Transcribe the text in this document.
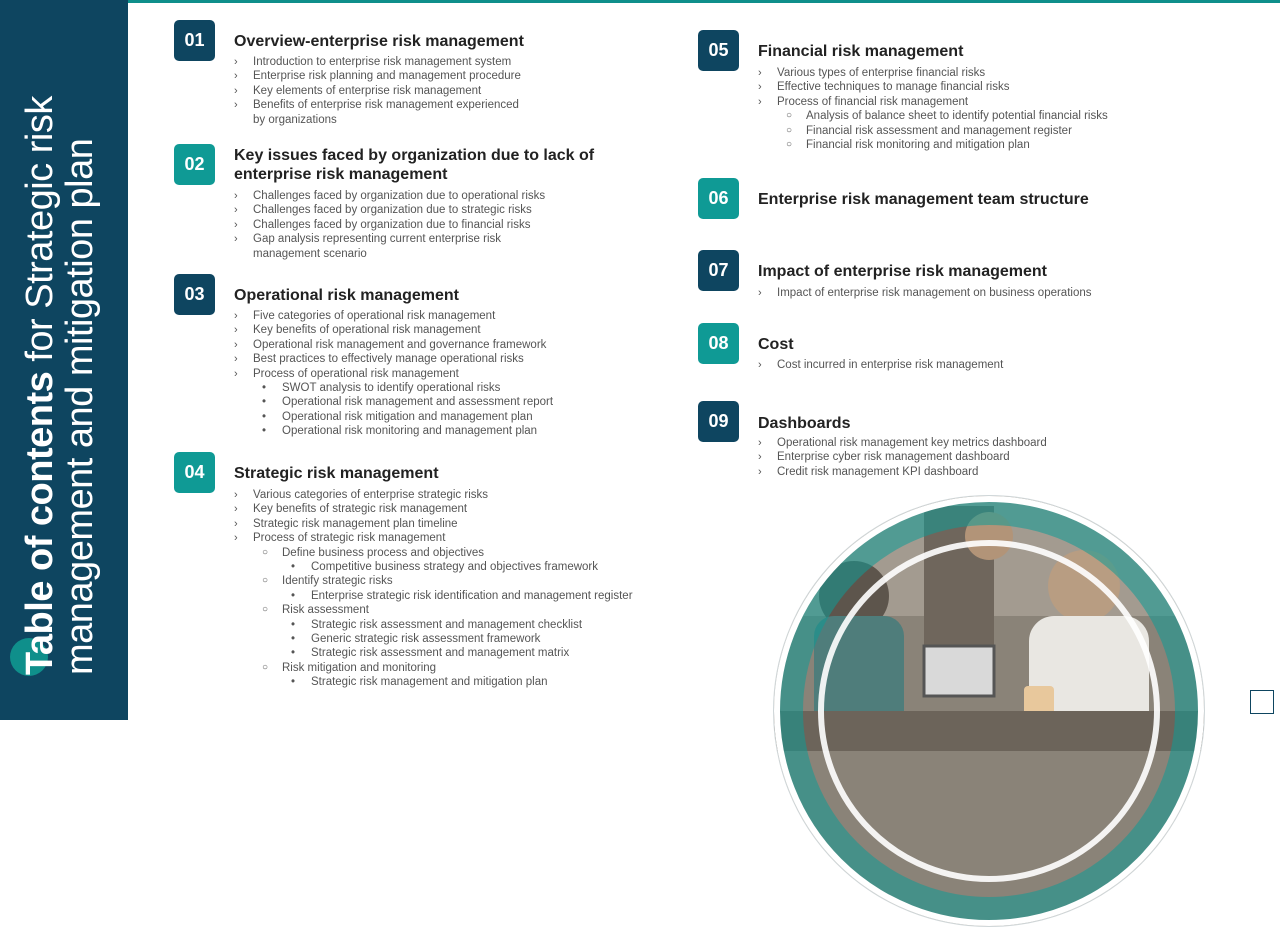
Table of contents for Strategic risk management and mitigation plan
01	Overview-enterprise risk management
› Introduction to enterprise risk management system
› Enterprise risk planning and management procedure
› Key elements of enterprise risk management
› Benefits of enterprise risk management experienced
by organizations
02	Key issues faced by organization due to lack of
enterprise risk management
› Challenges faced by organization due to operational risks
› Challenges faced by organization due to strategic risks
› Challenges faced by organization due to financial risks
› Gap analysis representing current enterprise risk
management scenario
03	Operational risk management
› Five categories of operational risk management
› Key benefits of operational risk management
› Operational risk management and governance framework
› Best practices to effectively manage operational risks
› Process of operational risk management
• SWOT analysis to identify operational risks
• Operational risk management and assessment report
• Operational risk mitigation and management plan
• Operational risk monitoring and management plan
04	Strategic risk management
› Various categories of enterprise strategic risks
› Key benefits of strategic risk management
› Strategic risk management plan timeline
› Process of strategic risk management
○ Define business process and objectives
• Competitive business strategy and objectives framework
○ Identify strategic risks
• Enterprise strategic risk identification and management register
○ Risk assessment
• Strategic risk assessment and management checklist
• Generic strategic risk assessment framework
• Strategic risk assessment and management matrix
○ Risk mitigation and monitoring
• Strategic risk management and mitigation plan
05	Financial risk management
› Various types of enterprise financial risks
› Effective techniques to manage financial risks
› Process of financial risk management
○ Analysis of balance sheet to identify potential financial risks
○ Financial risk assessment and management register
○ Financial risk monitoring and mitigation plan
06	Enterprise risk management team structure
07	Impact of enterprise risk management
› Impact of enterprise risk management on business operations
08	Cost
› Cost incurred in enterprise risk management
09	Dashboards
› Operational risk management key metrics dashboard
› Enterprise cyber risk management dashboard
› Credit risk management KPI dashboard
